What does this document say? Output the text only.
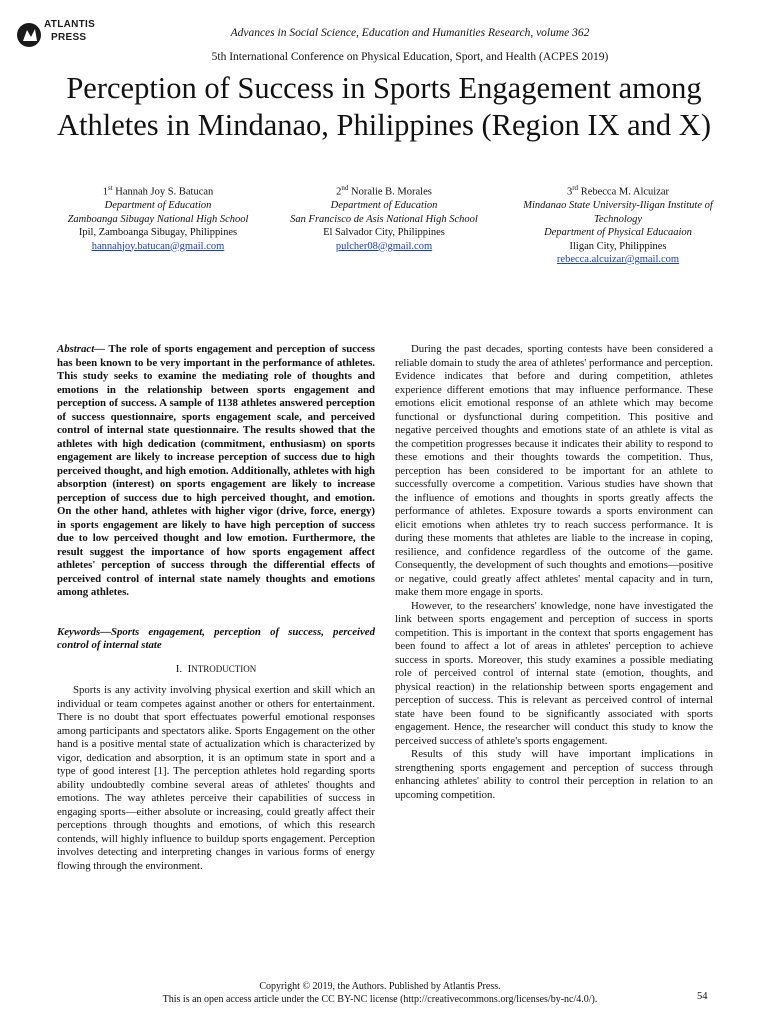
ATLANTIS
PRESS	Advances in Social Science, Education and Humanities Research, volume 362
5th International Conference on Physical Education, Sport, and Health (ACPES 2019)
Perception of Success in Sports Engagement among Athletes in Mindanao, Philippines (Region IX and X)
1st Hannah Joy S. Batucan
Department of Education
Zamboanga Sibugay National High School
Ipil, Zamboanga Sibugay, Philippines
hannahjoy.batucan@gmail.com
2nd Noralie B. Morales
Department of Education
San Francisco de Asis National High School
El Salvador City, Philippines
pulcher08@gmail.com
3rd Rebecca M. Alcuizar
Mindanao State University-Iligan Institute of Technology
Department of Physical Educaaion
Iligan City, Philippines
rebecca.alcuizar@gmail.com

Abstract— The role of sports engagement and perception of success has been known to be very important in the performance of athletes. This study seeks to examine the mediating role of thoughts and emotions in the relationship between sports engagement and perception of success. A sample of 1138 athletes answered perception of success questionnaire, sports engagement scale, and perceived control of internal state questionnaire. The results showed that the athletes with high dedication (commitment, enthusiasm) on sports engagement are likely to increase perception of success due to high perceived thought, and high emotion. Additionally, athletes with high absorption (interest) on sports engagement are likely to increase perception of success due to high perceived thought, and emotion. On the other hand, athletes with higher vigor (drive, force, energy) in sports engagement are likely to have high perception of success due to low perceived thought and low emotion. Furthermore, the result suggest the importance of how sports engagement affect athletes' perception of success through the differential effects of perceived control of internal state namely thoughts and emotions among athletes.

Keywords—Sports engagement, perception of success, perceived control of internal state

I. INTRODUCTION

Sports is any activity involving physical exertion and skill which an individual or team competes against another or others for entertainment. There is no doubt that sport effectuates powerful emotional responses among participants and spectators alike. Sports Engagement on the other hand is a positive mental state of actualization which is characterized by vigor, dedication and absorption, it is an optimum state in sport and a type of good interest [1]. The perception athletes hold regarding sports ability undoubtedly combine several areas of athletes' thoughts and emotions. The way athletes perceive their capabilities of success in engaging sports—either absolute or increasing, could greatly affect their perceptions through thoughts and emotions, of which this research contends, will highly influence to buildup sports engagement. Perception involves detecting and interpreting changes in various forms of energy flowing through the environment.

During the past decades, sporting contests have been considered a reliable domain to study the area of athletes' performance and perception. Evidence indicates that before and during competition, athletes experience different emotions that may influence performance. These emotions elicit emotional response of an athlete which may become functional or dysfunctional during competition. This positive and negative perceived thoughts and emotions state of an athlete is vital as the competition progresses because it indicates their ability to respond to these emotions and their thoughts towards the competition. Thus, perception has been considered to be important for an athlete to successfully overcome a competition. Various studies have shown that the influence of emotions and thoughts in sports greatly affects the performance of athletes. Exposure towards a sports environment can elicit emotions when athletes try to reach success performance. It is during these moments that athletes are liable to the increase in coping, resilience, and confidence regardless of the outcome of the game. Consequently, the development of such thoughts and emotions—positive or negative, could greatly affect athletes' mental capacity and in turn, make them more engage in sports.

However, to the researchers' knowledge, none have investigated the link between sports engagement and perception of success in sports competition. This is important in the context that sports engagement has been found to affect a lot of areas in athletes' perception to achieve success in sports. Moreover, this study examines a possible mediating role of perceived control of internal state (emotion, thoughts, and physical reaction) in the relationship between sports engagement and perception of success. This is relevant as perceived control of internal state have been found to be significantly associated with sports engagement. Hence, the researcher will conduct this study to know the perceived success of athlete's sports engagement.

Results of this study will have important implications in strengthening sports engagement and perception of success through enhancing athletes' ability to control their perception in relation to an upcoming competition.

Copyright © 2019, the Authors. Published by Atlantis Press.
This is an open access article under the CC BY-NC license (http://creativecommons.org/licenses/by-nc/4.0/).	54
